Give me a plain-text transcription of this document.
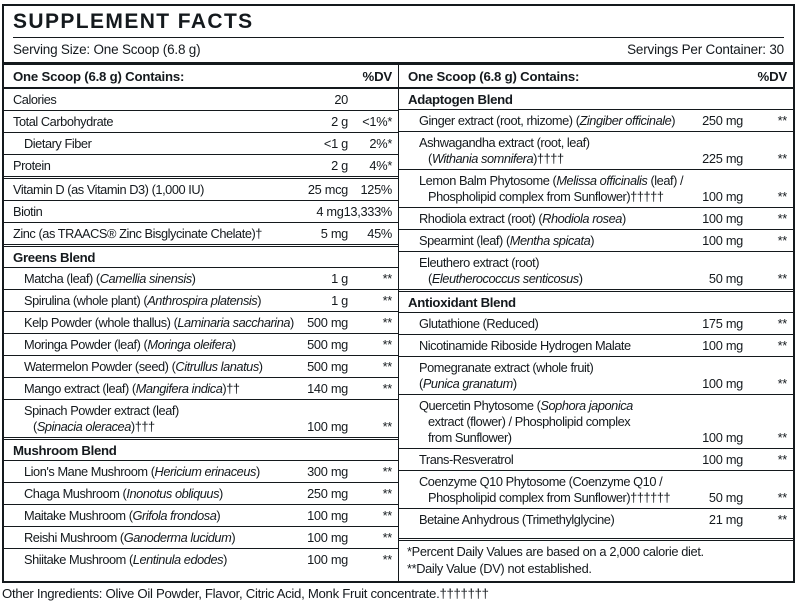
SUPPLEMENT FACTS
Serving Size: One Scoop (6.8 g)	Servings Per Container: 30
One Scoop (6.8 g) Contains:	%DV
Calories	20
Total Carbohydrate	2 g	<1%*
Dietary Fiber	<1 g	2%*
Protein	2 g	4%*
Vitamin D (as Vitamin D3) (1,000 IU)	25 mcg 125%
Biotin	4 mg 13,333%
Zinc (as TRAACS® Zinc Bisglycinate Chelate)†	5 mg	45%
Greens Blend
Matcha (leaf) (Camellia sinensis)	1 g	**
Spirulina (whole plant) (Anthrospira platensis)	1 g	**
Kelp Powder (whole thallus) (Laminaria saccharina)	500 mg	**
Moringa Powder (leaf) (Moringa oleifera)	500 mg	**
Watermelon Powder (seed) (Citrullus lanatus)	500 mg	**
Mango extract (leaf) (Mangifera indica)††	140 mg	**
Spinach Powder extract (leaf)
(Spinacia oleracea)†††	100 mg	**
Mushroom Blend
Lion's Mane Mushroom (Hericium erinaceus)	300 mg	**
Chaga Mushroom (Inonotus obliquus)	250 mg	**
Maitake Mushroom (Grifola frondosa)	100 mg	**
Reishi Mushroom (Ganoderma lucidum)	100 mg	**
Shiitake Mushroom (Lentinula edodes)	100 mg	**
One Scoop (6.8 g) Contains:	%DV
Adaptogen Blend
Ginger extract (root, rhizome) (Zingiber officinale)	250 mg	**
Ashwagandha extract (root, leaf)
(Withania somnifera)††††	225 mg	**
Lemon Balm Phytosome (Melissa officinalis (leaf) /
Phospholipid complex from Sunflower)†††††	100 mg	**
Rhodiola extract (root) (Rhodiola rosea)	100 mg	**
Spearmint (leaf) (Mentha spicata)	100 mg	**
Eleuthero extract (root)
(Eleutherococcus senticosus)	50 mg	**
Antioxidant Blend
Glutathione (Reduced)	175 mg	**
Nicotinamide Riboside Hydrogen Malate	100 mg	**
Pomegranate extract (whole fruit)
(Punica granatum)	100 mg	**
Quercetin Phytosome (Sophora japonica
extract (flower) / Phospholipid complex
from Sunflower)	100 mg	**
Trans-Resveratrol	100 mg	**
Coenzyme Q10 Phytosome (Coenzyme Q10 /
Phospholipid complex from Sunflower)††††††	50 mg	**
Betaine Anhydrous (Trimethylglycine)	21 mg	**
*Percent Daily Values are based on a 2,000 calorie diet.
**Daily Value (DV) not established.
Other Ingredients: Olive Oil Powder, Flavor, Citric Acid, Monk Fruit concentrate.†††††††
